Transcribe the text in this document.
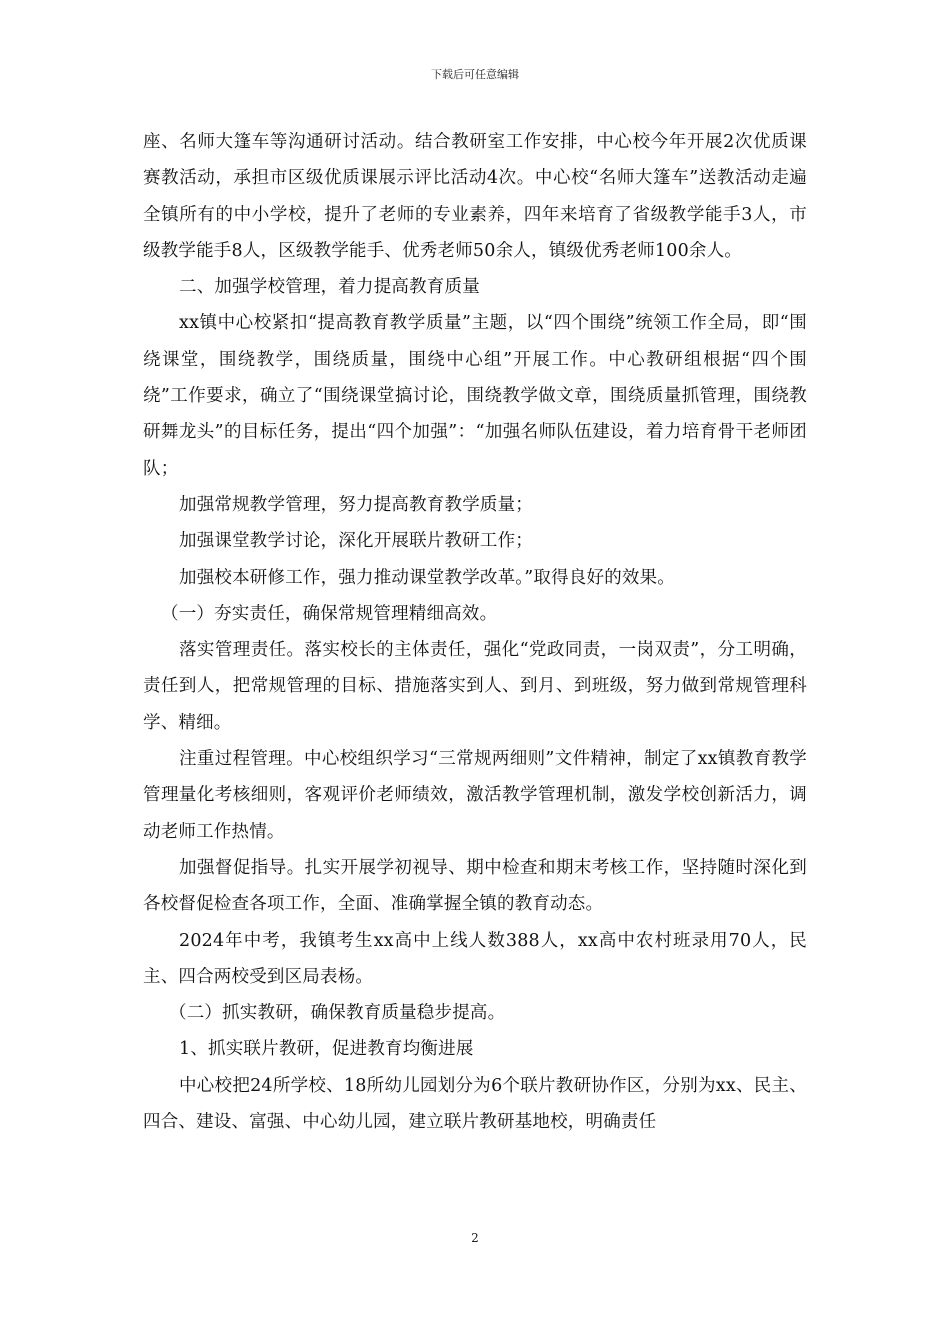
下载后可任意编辑

座、名师大篷车等沟通研讨活动。结合教研室工作安排，中心校今年开展2次优质课赛教活动，承担市区级优质课展示评比活动4次。中心校“名师大篷车”送教活动走遍全镇所有的中小学校，提升了老师的专业素养，四年来培育了省级教学能手3人，市级教学能手8人，区级教学能手、优秀老师50余人，镇级优秀老师100余人。

二、加强学校管理，着力提高教育质量

xx镇中心校紧扣“提高教育教学质量”主题，以“四个围绕”统领工作全局，即“围绕课堂，围绕教学，围绕质量，围绕中心组”开展工作。中心教研组根据“四个围绕”工作要求，确立了“围绕课堂搞讨论，围绕教学做文章，围绕质量抓管理，围绕教研舞龙头”的目标任务，提出“四个加强”：“加强名师队伍建设，着力培育骨干老师团队；

加强常规教学管理，努力提高教育教学质量；

加强课堂教学讨论，深化开展联片教研工作；

加强校本研修工作，强力推动课堂教学改革。”取得良好的效果。

（一）夯实责任，确保常规管理精细高效。

落实管理责任。落实校长的主体责任，强化“党政同责，一岗双责”，分工明确，责任到人，把常规管理的目标、措施落实到人、到月、到班级，努力做到常规管理科学、精细。

注重过程管理。中心校组织学习“三常规两细则”文件精神，制定了xx镇教育教学管理量化考核细则，客观评价老师绩效，激活教学管理机制，激发学校创新活力，调动老师工作热情。

加强督促指导。扎实开展学初视导、期中检查和期末考核工作，坚持随时深化到各校督促检查各项工作，全面、准确掌握全镇的教育动态。

2024年中考，我镇考生xx高中上线人数388人，xx高中农村班录用70人，民主、四合两校受到区局表杨。

（二）抓实教研，确保教育质量稳步提高。

1、抓实联片教研，促进教育均衡进展

中心校把24所学校、18所幼儿园划分为6个联片教研协作区，分别为xx、民主、四合、建设、富强、中心幼儿园，建立联片教研基地校，明确责任

2
